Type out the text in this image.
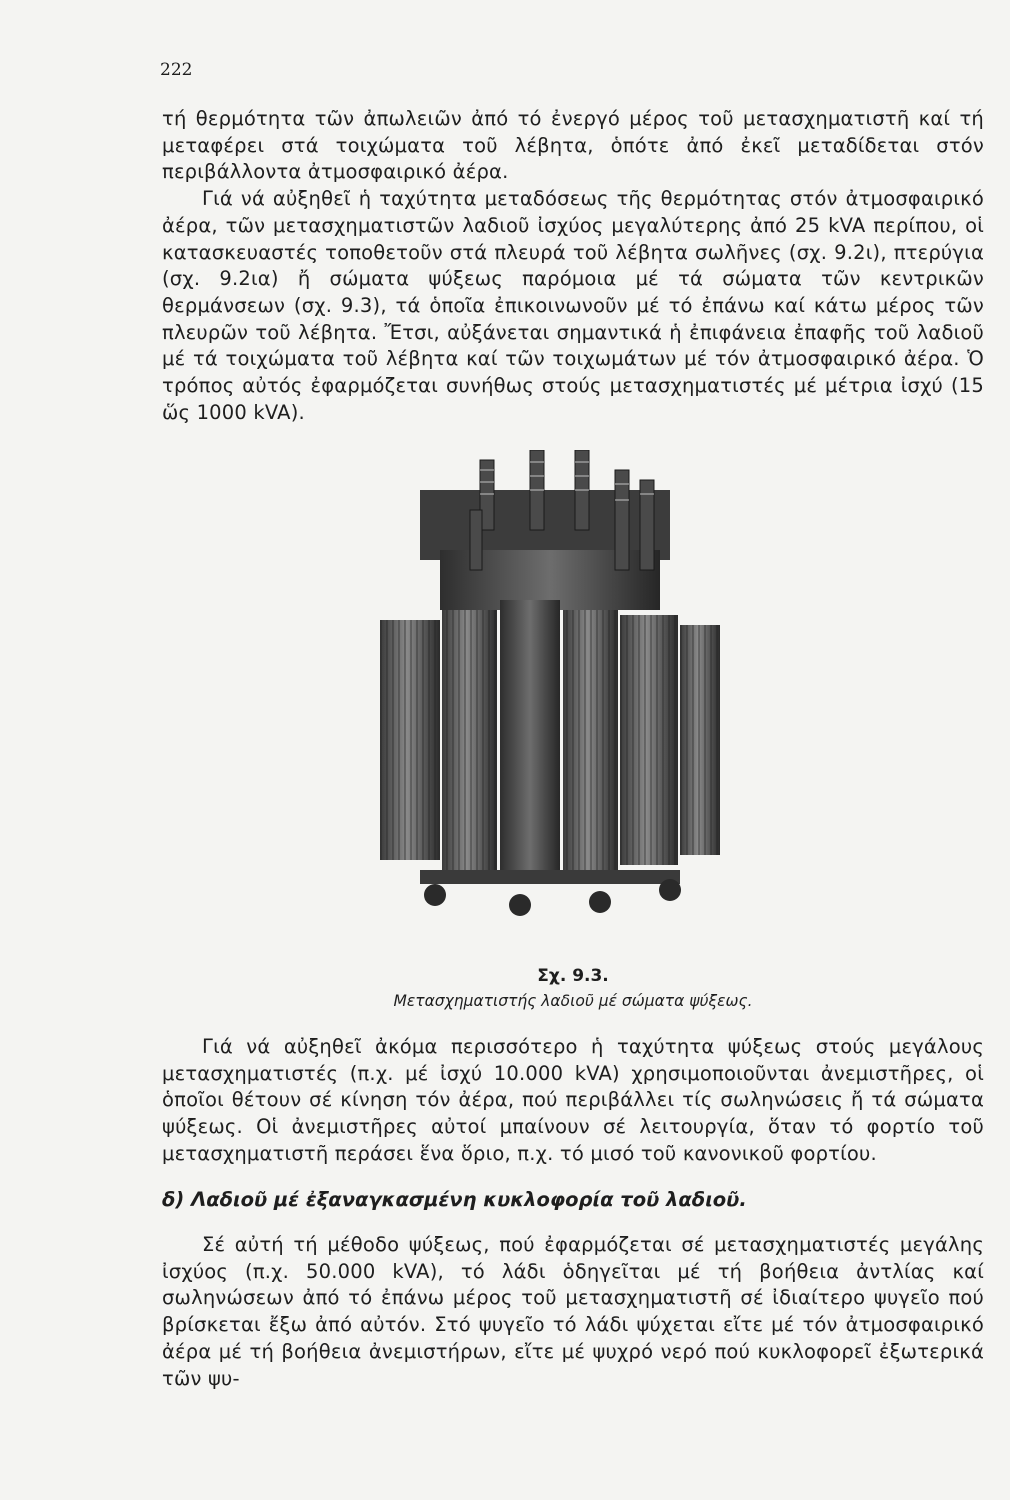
222

τή θερμότητα τῶν ἀπωλειῶν ἀπό τό ἐνεργό μέρος τοῦ μετασχηματιστῆ καί τή μεταφέρει στά τοιχώματα τοῦ λέβητα, ὁπότε ἀπό ἐκεῖ μεταδίδεται στόν περιβάλλοντα ἀτμοσφαιρικό ἀέρα.

Γιά νά αὐξηθεῖ ἡ ταχύτητα μεταδόσεως τῆς θερμότητας στόν ἀτμοσφαιρικό ἀέρα, τῶν μετασχηματιστῶν λαδιοῦ ἰσχύος μεγαλύτερης ἀπό 25 kVA περίπου, οἱ κατασκευαστές τοποθετοῦν στά πλευρά τοῦ λέβητα σωλῆνες (σχ. 9.2ι), πτερύγια (σχ. 9.2ια) ἤ σώματα ψύξεως παρόμοια μέ τά σώματα τῶν κεντρικῶν θερμάνσεων (σχ. 9.3), τά ὁποῖα ἐπικοινωνοῦν μέ τό ἐπάνω καί κάτω μέρος τῶν πλευρῶν τοῦ λέβητα. Ἔτσι, αὐξάνεται σημαντικά ἡ ἐπιφάνεια ἐπαφῆς τοῦ λαδιοῦ μέ τά τοιχώματα τοῦ λέβητα καί τῶν τοιχωμάτων μέ τόν ἀτμοσφαιρικό ἀέρα. Ὁ τρόπος αὐτός ἐφαρμόζεται συνήθως στούς μετασχηματιστές μέ μέτρια ἰσχύ (15 ὥς 1000 kVA).

Σχ. 9.3.
Μετασχηματιστής λαδιοῦ μέ σώματα ψύξεως.

Γιά νά αὐξηθεῖ ἀκόμα περισσότερο ἡ ταχύτητα ψύξεως στούς μεγάλους μετασχηματιστές (π.χ. μέ ἰσχύ 10.000 kVA) χρησιμοποιοῦνται ἀνεμιστῆρες, οἱ ὁποῖοι θέτουν σέ κίνηση τόν ἀέρα, πού περιβάλλει τίς σωληνώσεις ἤ τά σώματα ψύξεως. Οἱ ἀνεμιστῆρες αὐτοί μπαίνουν σέ λειτουργία, ὅταν τό φορτίο τοῦ μετασχηματιστῆ περάσει ἕνα ὅριο, π.χ. τό μισό τοῦ κανονικοῦ φορτίου.

δ) Λαδιοῦ μέ ἐξαναγκασμένη κυκλοφορία τοῦ λαδιοῦ.

Σέ αὐτή τή μέθοδο ψύξεως, πού ἐφαρμόζεται σέ μετασχηματιστές μεγάλης ἰσχύος (π.χ. 50.000 kVA), τό λάδι ὁδηγεῖται μέ τή βοήθεια ἀντλίας καί σωληνώσεων ἀπό τό ἐπάνω μέρος τοῦ μετασχηματιστῆ σέ ἰδιαίτερο ψυγεῖο πού βρίσκεται ἔξω ἀπό αὐτόν. Στό ψυγεῖο τό λάδι ψύχεται εἴτε μέ τόν ἀτμοσφαιρικό ἀέρα μέ τή βοήθεια ἀνεμιστήρων, εἴτε μέ ψυχρό νερό πού κυκλοφορεῖ ἐξωτερικά τῶν ψυ-
